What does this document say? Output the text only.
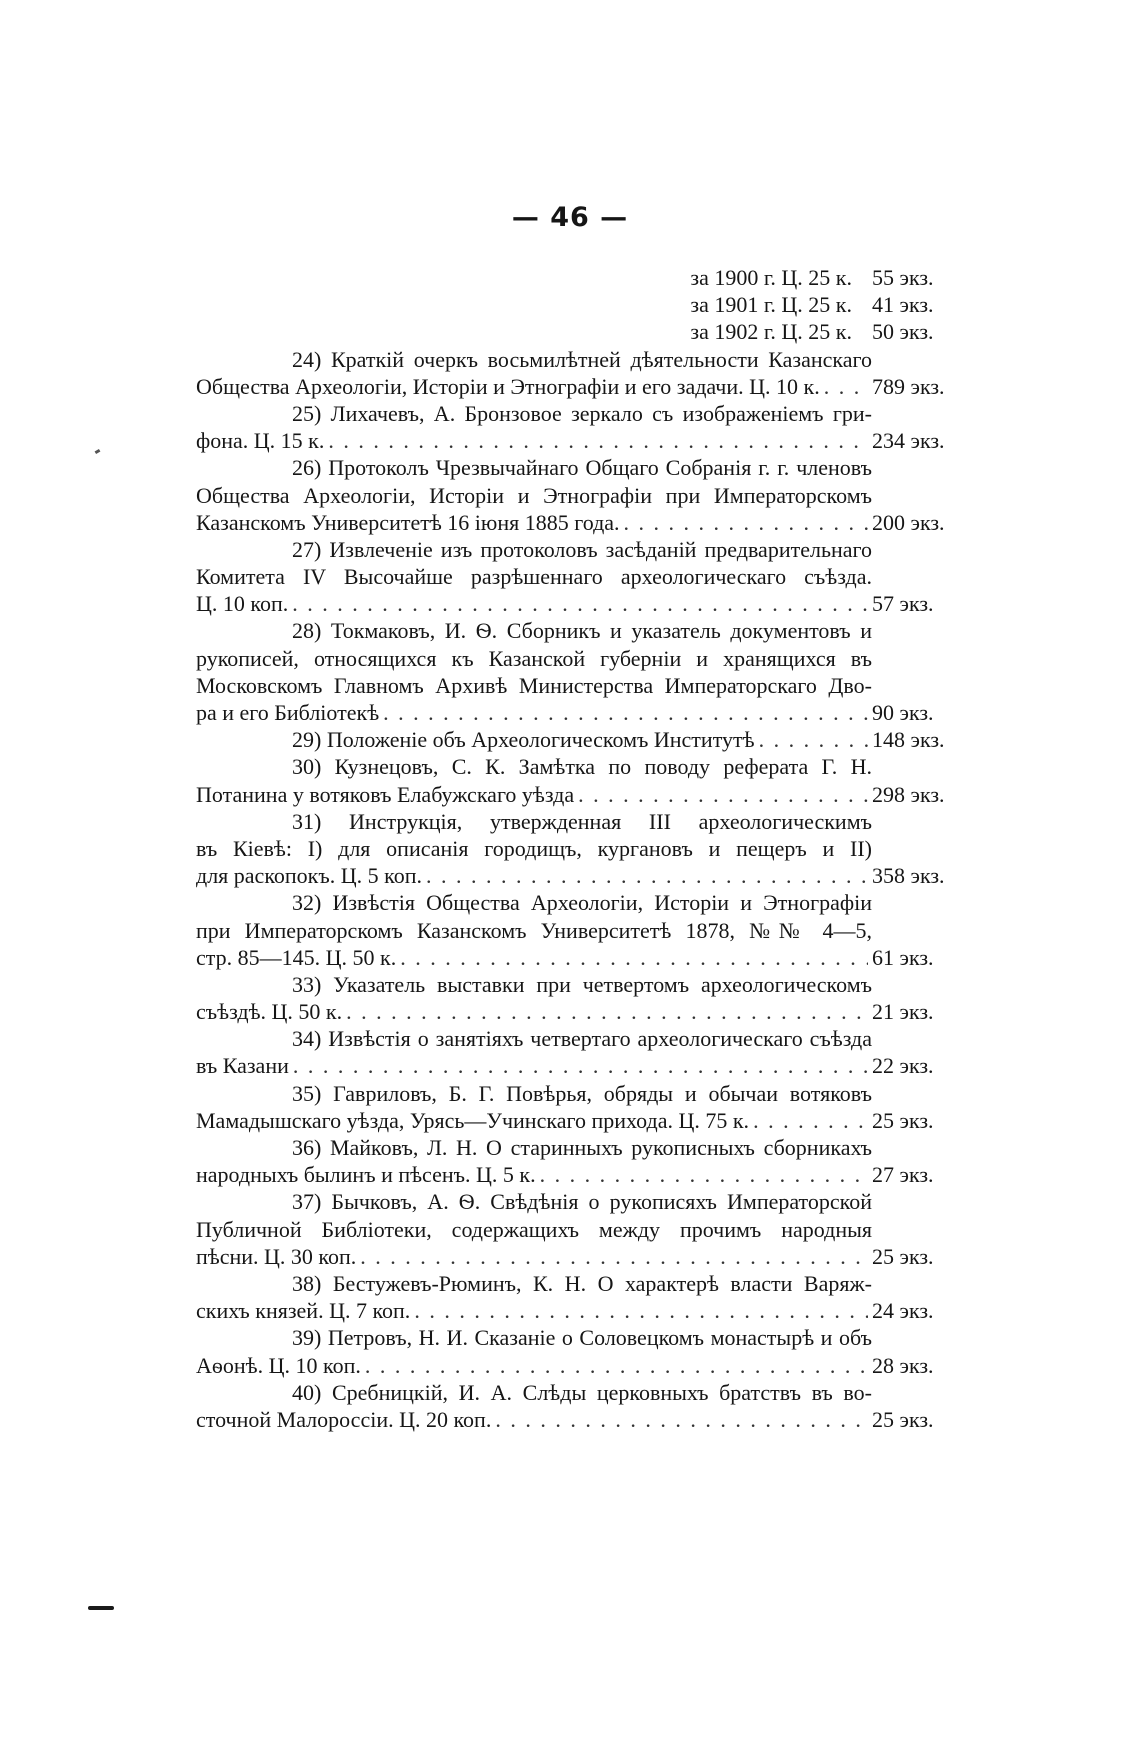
— 46 —
за 1900 г. Ц. 25 к. 55 экз.
за 1901 г. Ц. 25 к. 41 экз.
за 1902 г. Ц. 25 к. 50 экз.
24) Краткій очеркъ восьмилѣтней дѣятельности Казанскаго
Общества Археологіи, Исторіи и Этнографіи и его задачи. Ц. 10 к. . . . 789 экз.
25) Лихачевъ, А. Бронзовое зеркало съ изображеніемъ гри-
фона. Ц. 15 к. . . .	234 экз.
26) Протоколъ Чрезвычайнаго Общаго Собранія г. г. членовъ
Общества Археологіи, Исторіи и Этнографіи при Императорскомъ
Казанскомъ Университетѣ 16 іюня 1885 года. . . .	200 экз.
27) Извлеченіе изъ протоколовъ засѣданій предварительнаго
Комитета IV Высочайше разрѣшеннаго археологическаго съѣзда.
Ц. 10 коп. . . .	57 экз.
28) Токмаковъ, И. Ѳ. Сборникъ и указатель документовъ и
рукописей, относящихся къ Казанской губерніи и хранящихся въ
Московскомъ Главномъ Архивѣ Министерства Императорскаго Дво-
ра и его Библіотекѣ . . .	90 экз.
29) Положеніе объ Археологическомъ Институтѣ . . .	148 экз.
30) Кузнецовъ, С. К. Замѣтка по поводу реферата Г. Н.
Потанина у вотяковъ Елабужскаго уѣзда . . .	298 экз.
31) Инструкція, утвержденная III археологическимъ
въ Кіевѣ: I) для описанія городищъ, кургановъ и пещеръ и II)
для раскопокъ. Ц. 5 коп. . . .	358 экз.
32) Извѣстія Общества Археологіи, Исторіи и Этнографіи
при Императорскомъ Казанскомъ Университетѣ 1878, №№ 4—5,
стр. 85—145. Ц. 50 к. . . .	61 экз.
33) Указатель выставки при четвертомъ археологическомъ
съѣздѣ. Ц. 50 к. . . .	21 экз.
34) Извѣстія о занятіяхъ четвертаго археологическаго съѣзда
въ Казани . . .	22 экз.
35) Гавриловъ, Б. Г. Повѣрья, обряды и обычаи вотяковъ
Мамадышскаго уѣзда, Урясь—Учинскаго прихода. Ц. 75 к. . . .	25 экз.
36) Майковъ, Л. Н. О старинныхъ рукописныхъ сборникахъ
народныхъ былинъ и пѣсенъ. Ц. 5 к. . . .	27 экз.
37) Бычковъ, А. Ѳ. Свѣдѣнія о рукописяхъ Императорской
Публичной Библіотеки, содержащихъ между прочимъ народныя
пѣсни. Ц. 30 коп. . . .	25 экз.
38) Бестужевъ-Рюминъ, К. Н. О характерѣ власти Варяж-
скихъ князей. Ц. 7 коп. . . .	24 экз.
39) Петровъ, Н. И. Сказаніе о Соловецкомъ монастырѣ и объ
Аѳонѣ. Ц. 10 коп. . . .	28 экз.
40) Сребницкій, И. А. Слѣды церковныхъ братствъ въ во-
сточной Малороссіи. Ц. 20 коп. . . .	25 экз.
